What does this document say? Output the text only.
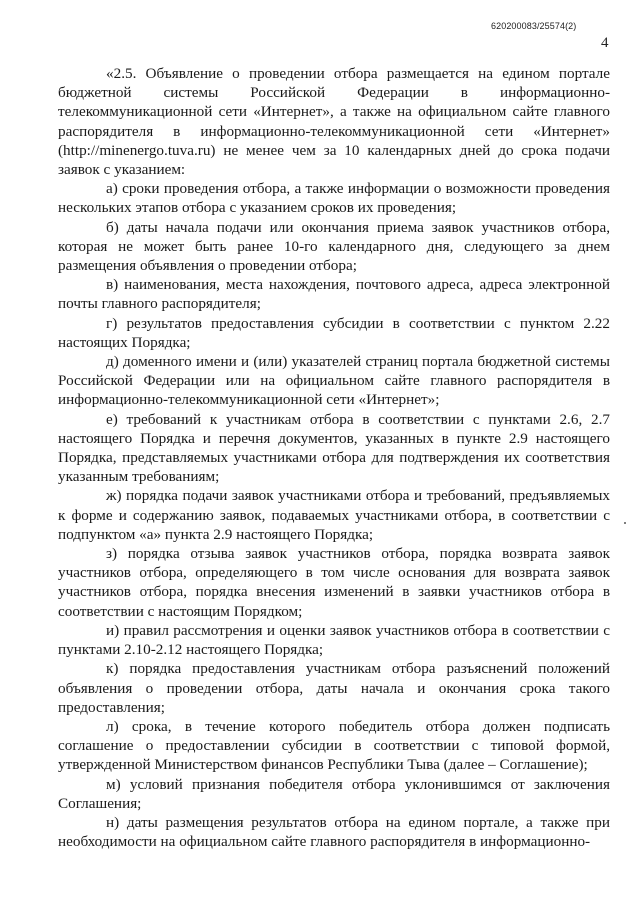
620200083/25574(2)
4

«2.5. Объявление о проведении отбора размещается на едином портале бюджетной системы Российской Федерации в информационно-телекоммуникационной сети «Интернет», а также на официальном сайте главного распорядителя в информационно-телекоммуникационной сети «Интернет» (http://minenergo.tuva.ru) не менее чем за 10 календарных дней до срока подачи заявок с указанием:

а) сроки проведения отбора, а также информации о возможности проведения нескольких этапов отбора с указанием сроков их проведения;

б) даты начала подачи или окончания приема заявок участников отбора, которая не может быть ранее 10-го календарного дня, следующего за днем размещения объявления о проведении отбора;

в) наименования, места нахождения, почтового адреса, адреса электронной почты главного распорядителя;

г) результатов предоставления субсидии в соответствии с пунктом 2.22 настоящих Порядка;

д) доменного имени и (или) указателей страниц портала бюджетной системы Российской Федерации или на официальном сайте главного распорядителя в информационно-телекоммуникационной сети «Интернет»;

е) требований к участникам отбора в соответствии с пунктами 2.6, 2.7 настоящего Порядка и перечня документов, указанных в пункте 2.9 настоящего Порядка, представляемых участниками отбора для подтверждения их соответствия указанным требованиям;

ж) порядка подачи заявок участниками отбора и требований, предъявляемых к форме и содержанию заявок, подаваемых участниками отбора, в соответствии с подпунктом «а» пункта 2.9 настоящего Порядка;

з) порядка отзыва заявок участников отбора, порядка возврата заявок участников отбора, определяющего в том числе основания для возврата заявок участников отбора, порядка внесения изменений в заявки участников отбора в соответствии с настоящим Порядком;

и) правил рассмотрения и оценки заявок участников отбора в соответствии с пунктами 2.10-2.12 настоящего Порядка;

к) порядка предоставления участникам отбора разъяснений положений объявления о проведении отбора, даты начала и окончания срока такого предоставления;

л) срока, в течение которого победитель отбора должен подписать соглашение о предоставлении субсидии в соответствии с типовой формой, утвержденной Министерством финансов Республики Тыва (далее – Соглашение);

м) условий признания победителя отбора уклонившимся от заключения Соглашения;

н) даты размещения результатов отбора на едином портале, а также при необходимости на официальном сайте главного распорядителя в информационно-
